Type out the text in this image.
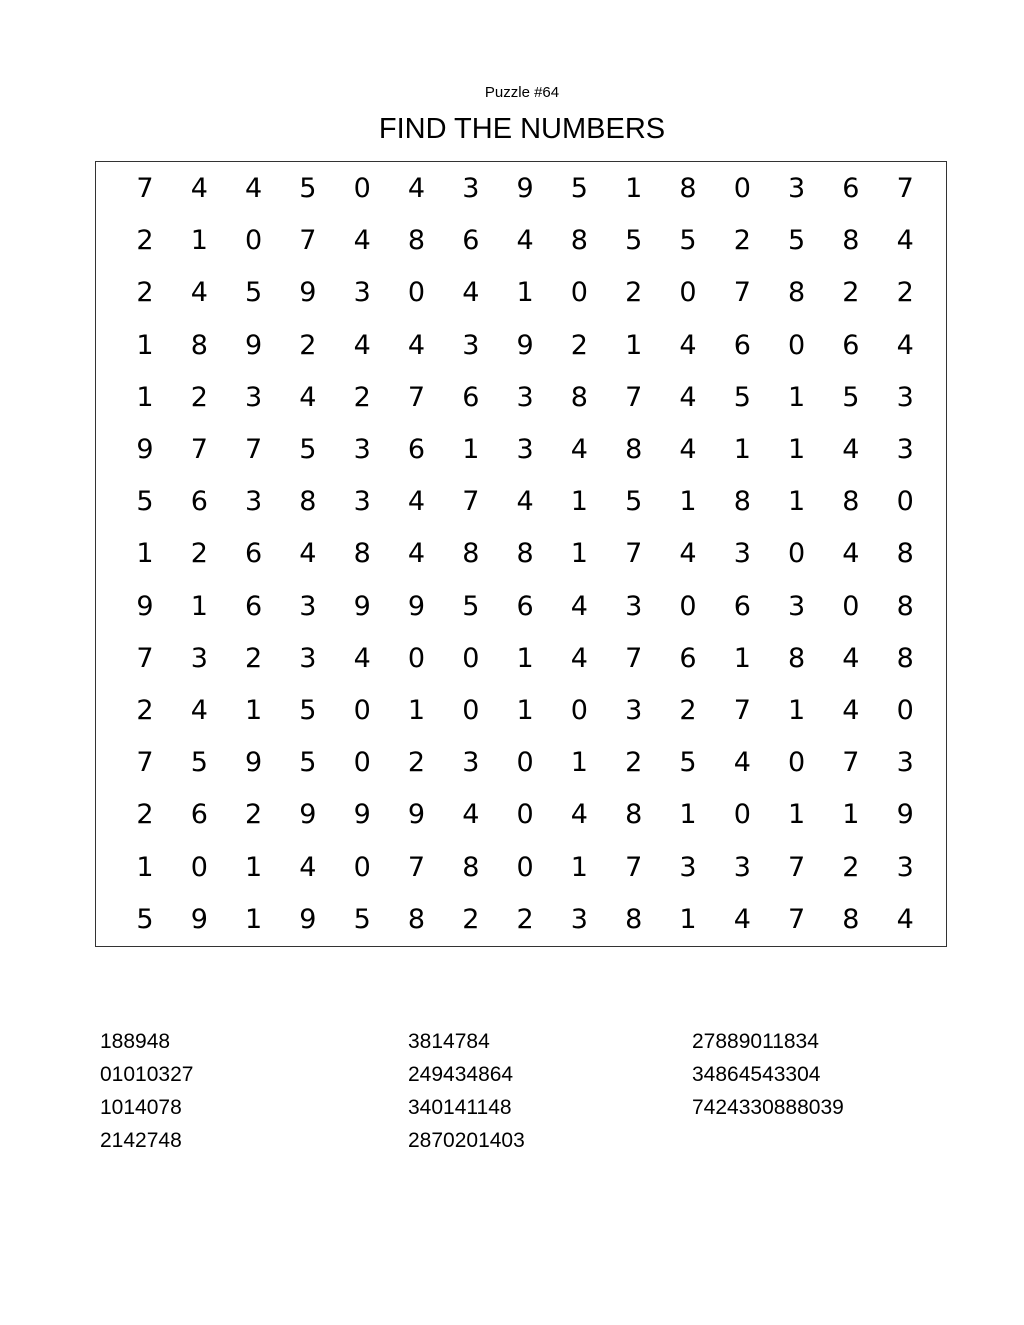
Puzzle #64
FIND THE NUMBERS
7	4	4	5	0	4	3	9	5	1	8	0	3	6	7
2	1	0	7	4	8	6	4	8	5	5	2	5	8	4
2	4	5	9	3	0	4	1	0	2	0	7	8	2	2
1	8	9	2	4	4	3	9	2	1	4	6	0	6	4
1	2	3	4	2	7	6	3	8	7	4	5	1	5	3
9	7	7	5	3	6	1	3	4	8	4	1	1	4	3
5	6	3	8	3	4	7	4	1	5	1	8	1	8	0
1	2	6	4	8	4	8	8	1	7	4	3	0	4	8
9	1	6	3	9	9	5	6	4	3	0	6	3	0	8
7	3	2	3	4	0	0	1	4	7	6	1	8	4	8
2	4	1	5	0	1	0	1	0	3	2	7	1	4	0
7	5	9	5	0	2	3	0	1	2	5	4	0	7	3
2	6	2	9	9	9	4	0	4	8	1	0	1	1	9
1	0	1	4	0	7	8	0	1	7	3	3	7	2	3
5	9	1	9	5	8	2	2	3	8	1	4	7	8	4
188948
01010327
1014078
2142748
3814784
249434864
340141148
2870201403
27889011834
34864543304
7424330888039
